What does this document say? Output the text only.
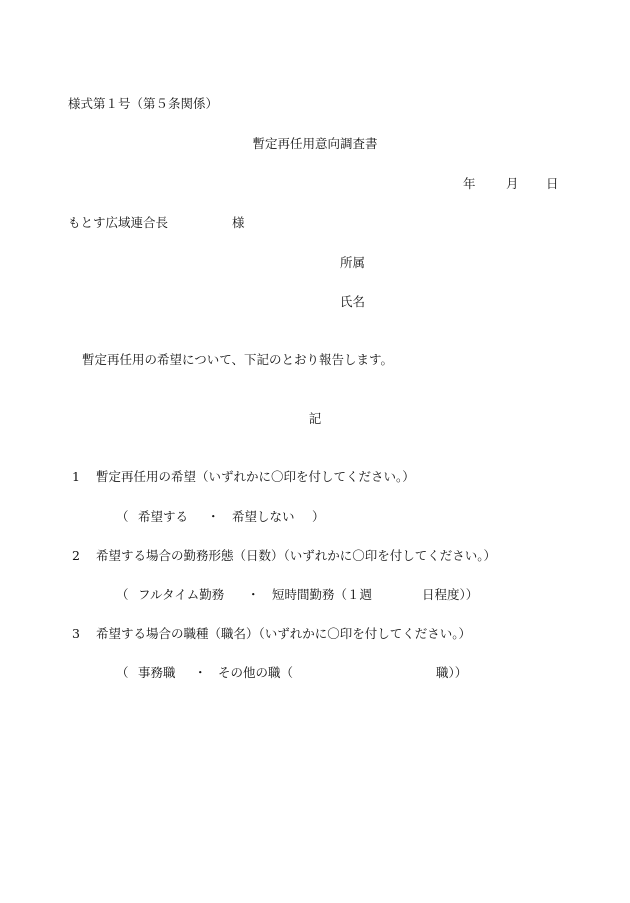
様式第１号（第５条関係）
暫定再任用意向調査書
年 月 日
もとす広域連合長	様
所属
氏名
暫定再任用の希望について、下記のとおり報告します。
記
1 暫定再任用の希望（いずれかに〇印を付してください。）
（ 希望する ・ 希望しない ）
2 希望する場合の勤務形態（日数）（いずれかに〇印を付してください。）
（ フルタイム勤務 ・ 短時間勤務（１週	日程度））
3 希望する場合の職種（職名）（いずれかに〇印を付してください。）
（ 事務職 ・ その他の職（	職））
